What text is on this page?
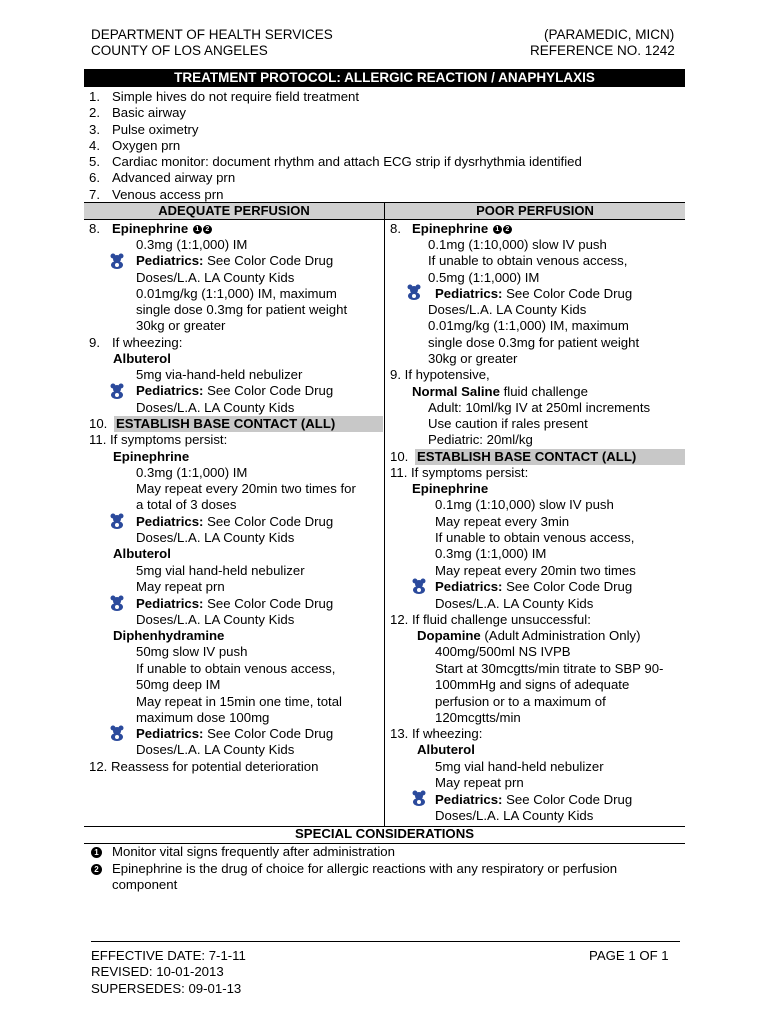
DEPARTMENT OF HEALTH SERVICES
COUNTY OF LOS ANGELES
(PARAMEDIC, MICN)
REFERENCE NO. 1242
TREATMENT PROTOCOL: ALLERGIC REACTION / ANAPHYLAXIS
1. Simple hives do not require field treatment
2. Basic airway
3. Pulse oximetry
4. Oxygen prn
5. Cardiac monitor: document rhythm and attach ECG strip if dysrhythmia identified
6. Advanced airway prn
7. Venous access prn
ADEQUATE PERFUSION	POOR PERFUSION
8. Epinephrine 1 2
0.3mg (1:1,000) IM
Pediatrics: See Color Code Drug
Doses/L.A. LA County Kids
0.01mg/kg (1:1,000) IM, maximum
single dose 0.3mg for patient weight
30kg or greater
9. If wheezing:
Albuterol
5mg via-hand-held nebulizer
Pediatrics: See Color Code Drug
Doses/L.A. LA County Kids
10. ESTABLISH BASE CONTACT (ALL)
11. If symptoms persist:
Epinephrine
0.3mg (1:1,000) IM
May repeat every 20min two times for
a total of 3 doses
Pediatrics: See Color Code Drug
Doses/L.A. LA County Kids
Albuterol
5mg vial hand-held nebulizer
May repeat prn
Pediatrics: See Color Code Drug
Doses/L.A. LA County Kids
Diphenhydramine
50mg slow IV push
If unable to obtain venous access,
50mg deep IM
May repeat in 15min one time, total
maximum dose 100mg
Pediatrics: See Color Code Drug
Doses/L.A. LA County Kids
12. Reassess for potential deterioration
8. Epinephrine 1 2
0.1mg (1:10,000) slow IV push
If unable to obtain venous access,
0.5mg (1:1,000) IM
Pediatrics: See Color Code Drug
Doses/L.A. LA County Kids
0.01mg/kg (1:1,000) IM, maximum
single dose 0.3mg for patient weight
30kg or greater
9. If hypotensive,
Normal Saline fluid challenge
Adult: 10ml/kg IV at 250ml increments
Use caution if rales present
Pediatric: 20ml/kg
10. ESTABLISH BASE CONTACT (ALL)
11. If symptoms persist:
Epinephrine
0.1mg (1:10,000) slow IV push
May repeat every 3min
If unable to obtain venous access,
0.3mg (1:1,000) IM
May repeat every 20min two times
Pediatrics: See Color Code Drug
Doses/L.A. LA County Kids
12. If fluid challenge unsuccessful:
Dopamine (Adult Administration Only)
400mg/500ml NS IVPB
Start at 30mcgtts/min titrate to SBP 90-
100mmHg and signs of adequate
perfusion or to a maximum of
120mcgtts/min
13. If wheezing:
Albuterol
5mg vial hand-held nebulizer
May repeat prn
Pediatrics: See Color Code Drug
Doses/L.A. LA County Kids
SPECIAL CONSIDERATIONS
1 Monitor vital signs frequently after administration
2 Epinephrine is the drug of choice for allergic reactions with any respiratory or perfusion
component
EFFECTIVE DATE: 7-1-11
REVISED: 10-01-2013
SUPERSEDES: 09-01-13
PAGE 1 OF 1
